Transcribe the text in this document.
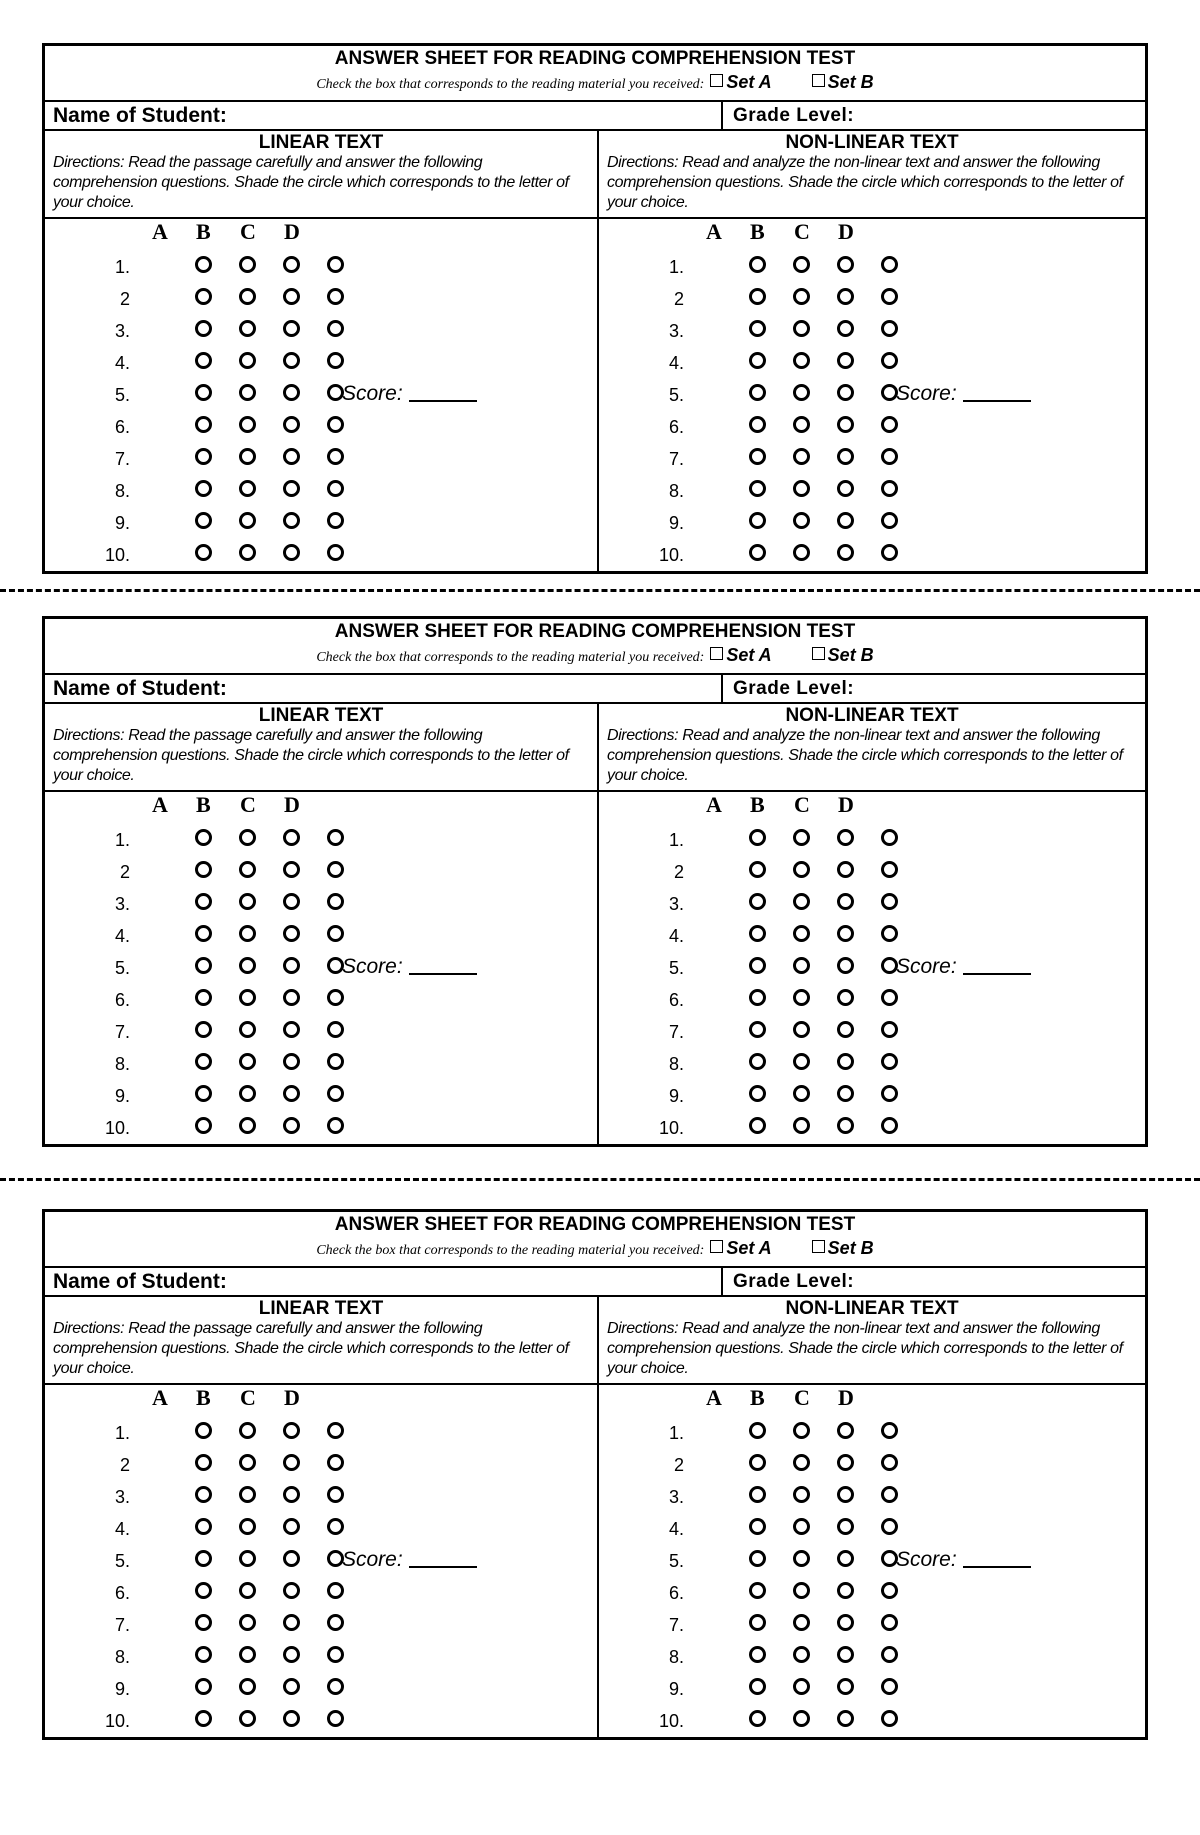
ANSWER SHEET FOR READING COMPREHENSION TEST
Check the box that corresponds to the reading material you received: Set A	Set B
Name of Student:	Grade Level:
LINEAR TEXT
Directions: Read the passage carefully and answer the following comprehension questions. Shade the circle which corresponds to the letter of your choice.
NON-LINEAR TEXT
Directions: Read and analyze the non-linear text and answer the following comprehension questions. Shade the circle which corresponds to the letter of your choice.
A B C D
1.
2
3.
4.
5.
6.
7.
8.
9.
10.
Score:
A B C D
1.
2
3.
4.
5.
6.
7.
8.
9.
10.
Score:
ANSWER SHEET FOR READING COMPREHENSION TEST
Check the box that corresponds to the reading material you received: Set A	Set B
Name of Student:	Grade Level:
LINEAR TEXT
Directions: Read the passage carefully and answer the following comprehension questions. Shade the circle which corresponds to the letter of your choice.
NON-LINEAR TEXT
Directions: Read and analyze the non-linear text and answer the following comprehension questions. Shade the circle which corresponds to the letter of your choice.
A B C D
1.
2
3.
4.
5.
6.
7.
8.
9.
10.
Score:
A B C D
1.
2
3.
4.
5.
6.
7.
8.
9.
10.
Score:
ANSWER SHEET FOR READING COMPREHENSION TEST
Check the box that corresponds to the reading material you received: Set A	Set B
Name of Student:	Grade Level:
LINEAR TEXT
Directions: Read the passage carefully and answer the following comprehension questions. Shade the circle which corresponds to the letter of your choice.
NON-LINEAR TEXT
Directions: Read and analyze the non-linear text and answer the following comprehension questions. Shade the circle which corresponds to the letter of your choice.
A B C D
1.
2
3.
4.
5.
6.
7.
8.
9.
10.
Score:
A B C D
1.
2
3.
4.
5.
6.
7.
8.
9.
10.
Score:
